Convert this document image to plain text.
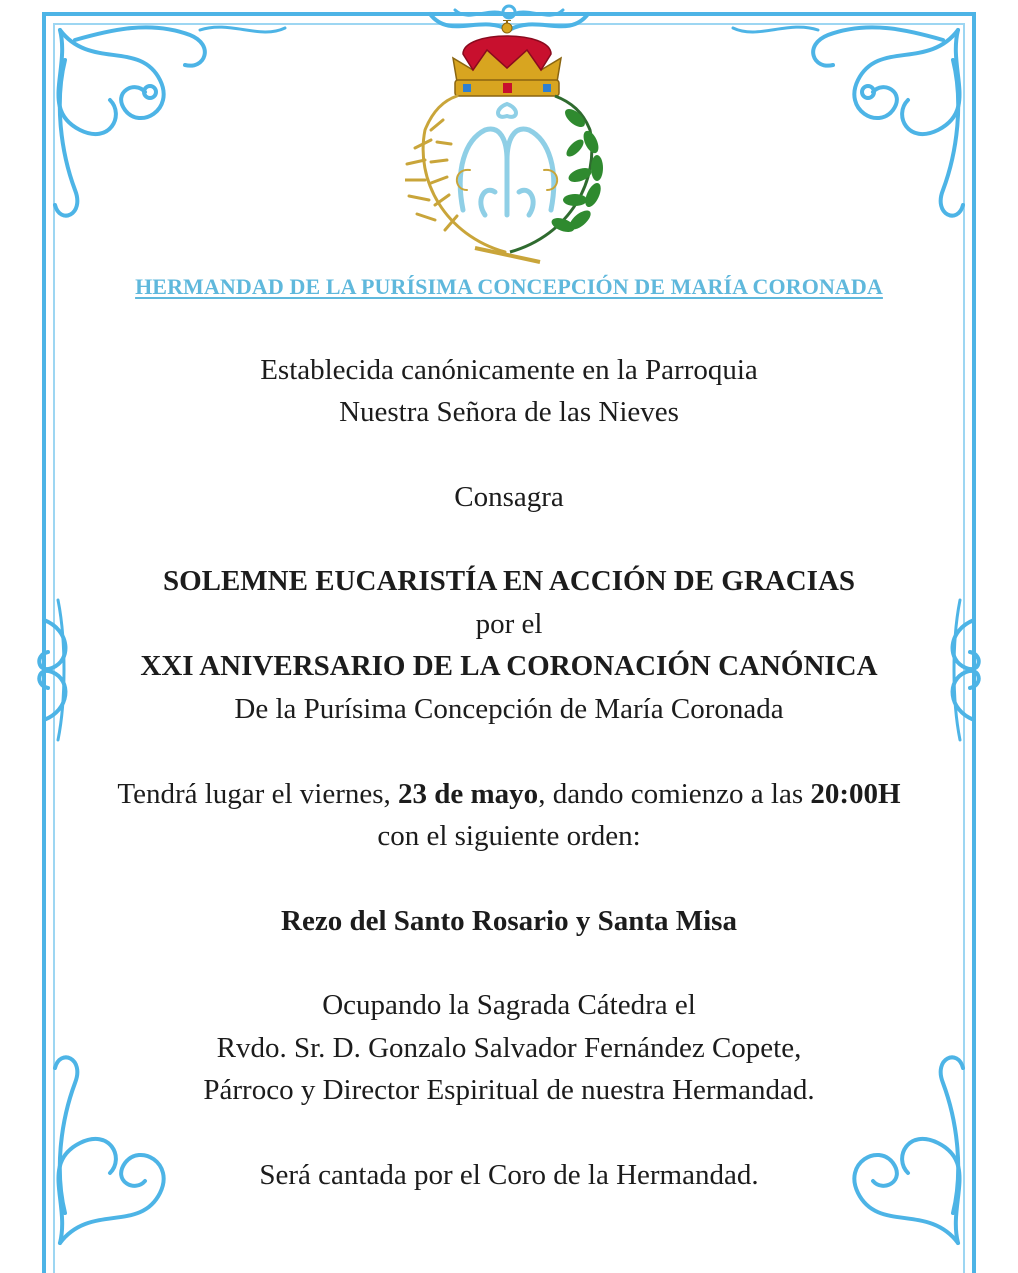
HERMANDAD DE LA PURÍSIMA CONCEPCIÓN DE MARÍA CORONADA
Establecida canónicamente en la Parroquia
Nuestra Señora de las Nieves
Consagra
SOLEMNE EUCARISTÍA EN ACCIÓN DE GRACIAS
por el
XXI ANIVERSARIO DE LA CORONACIÓN CANÓNICA
De la Purísima Concepción de María Coronada
Tendrá lugar el viernes, 23 de mayo, dando comienzo a las 20:00H
con el siguiente orden:
Rezo del Santo Rosario y Santa Misa
Ocupando la Sagrada Cátedra el
Rvdo. Sr. D. Gonzalo Salvador Fernández Copete,
Párroco y Director Espiritual de nuestra Hermandad.
Será cantada por el Coro de la Hermandad.
